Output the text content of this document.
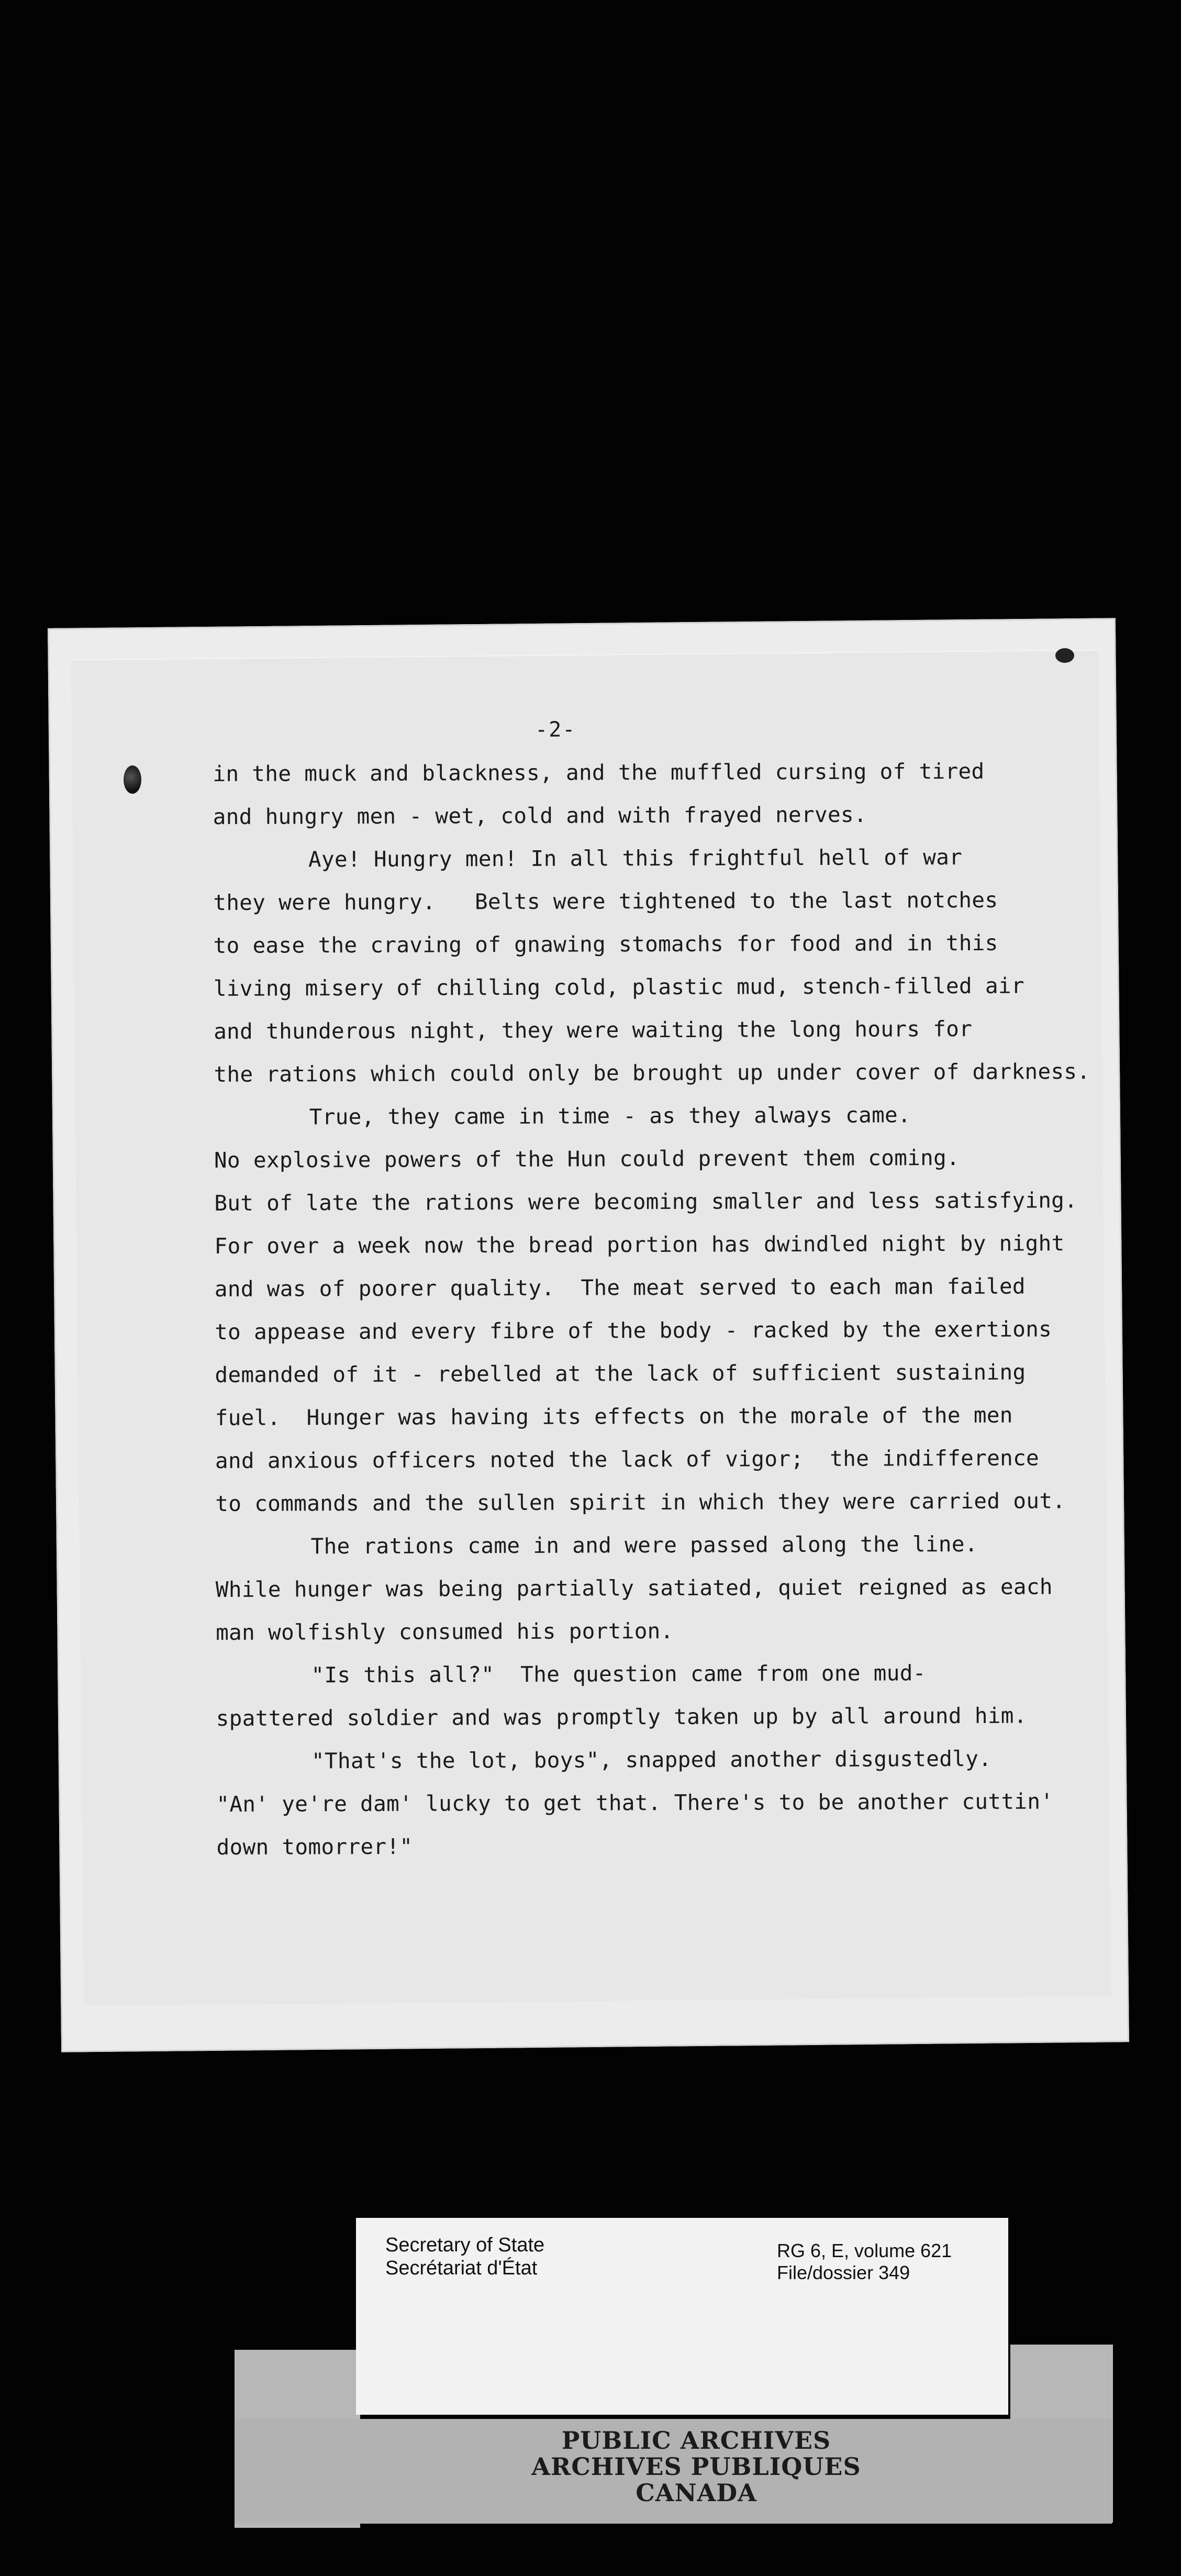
-2-
in the muck and blackness, and the muffled cursing of tired
and hungry men - wet, cold and with frayed nerves.
Aye! Hungry men! In all this frightful hell of war
they were hungry.   Belts were tightened to the last notches
to ease the craving of gnawing stomachs for food and in this
living misery of chilling cold, plastic mud, stench-filled air
and thunderous night, they were waiting the long hours for
the rations which could only be brought up under cover of darkness.
True, they came in time - as they always came.
No explosive powers of the Hun could prevent them coming.
But of late the rations were becoming smaller and less satisfying.
For over a week now the bread portion has dwindled night by night
and was of poorer quality.  The meat served to each man failed
to appease and every fibre of the body - racked by the exertions
demanded of it - rebelled at the lack of sufficient sustaining
fuel.  Hunger was having its effects on the morale of the men
and anxious officers noted the lack of vigor;  the indifference
to commands and the sullen spirit in which they were carried out.
The rations came in and were passed along the line.
While hunger was being partially satiated, quiet reigned as each
man wolfishly consumed his portion.
"Is this all?"  The question came from one mud-
spattered soldier and was promptly taken up by all around him.
"That's the lot, boys", snapped another disgustedly.
"An' ye're dam' lucky to get that. There's to be another cuttin'
down tomorrer!"
PUBLIC ARCHIVES
ARCHIVES PUBLIQUES
CANADA
Secretary of State
Secrétariat d'État
RG 6, E, volume 621
File/dossier 349
